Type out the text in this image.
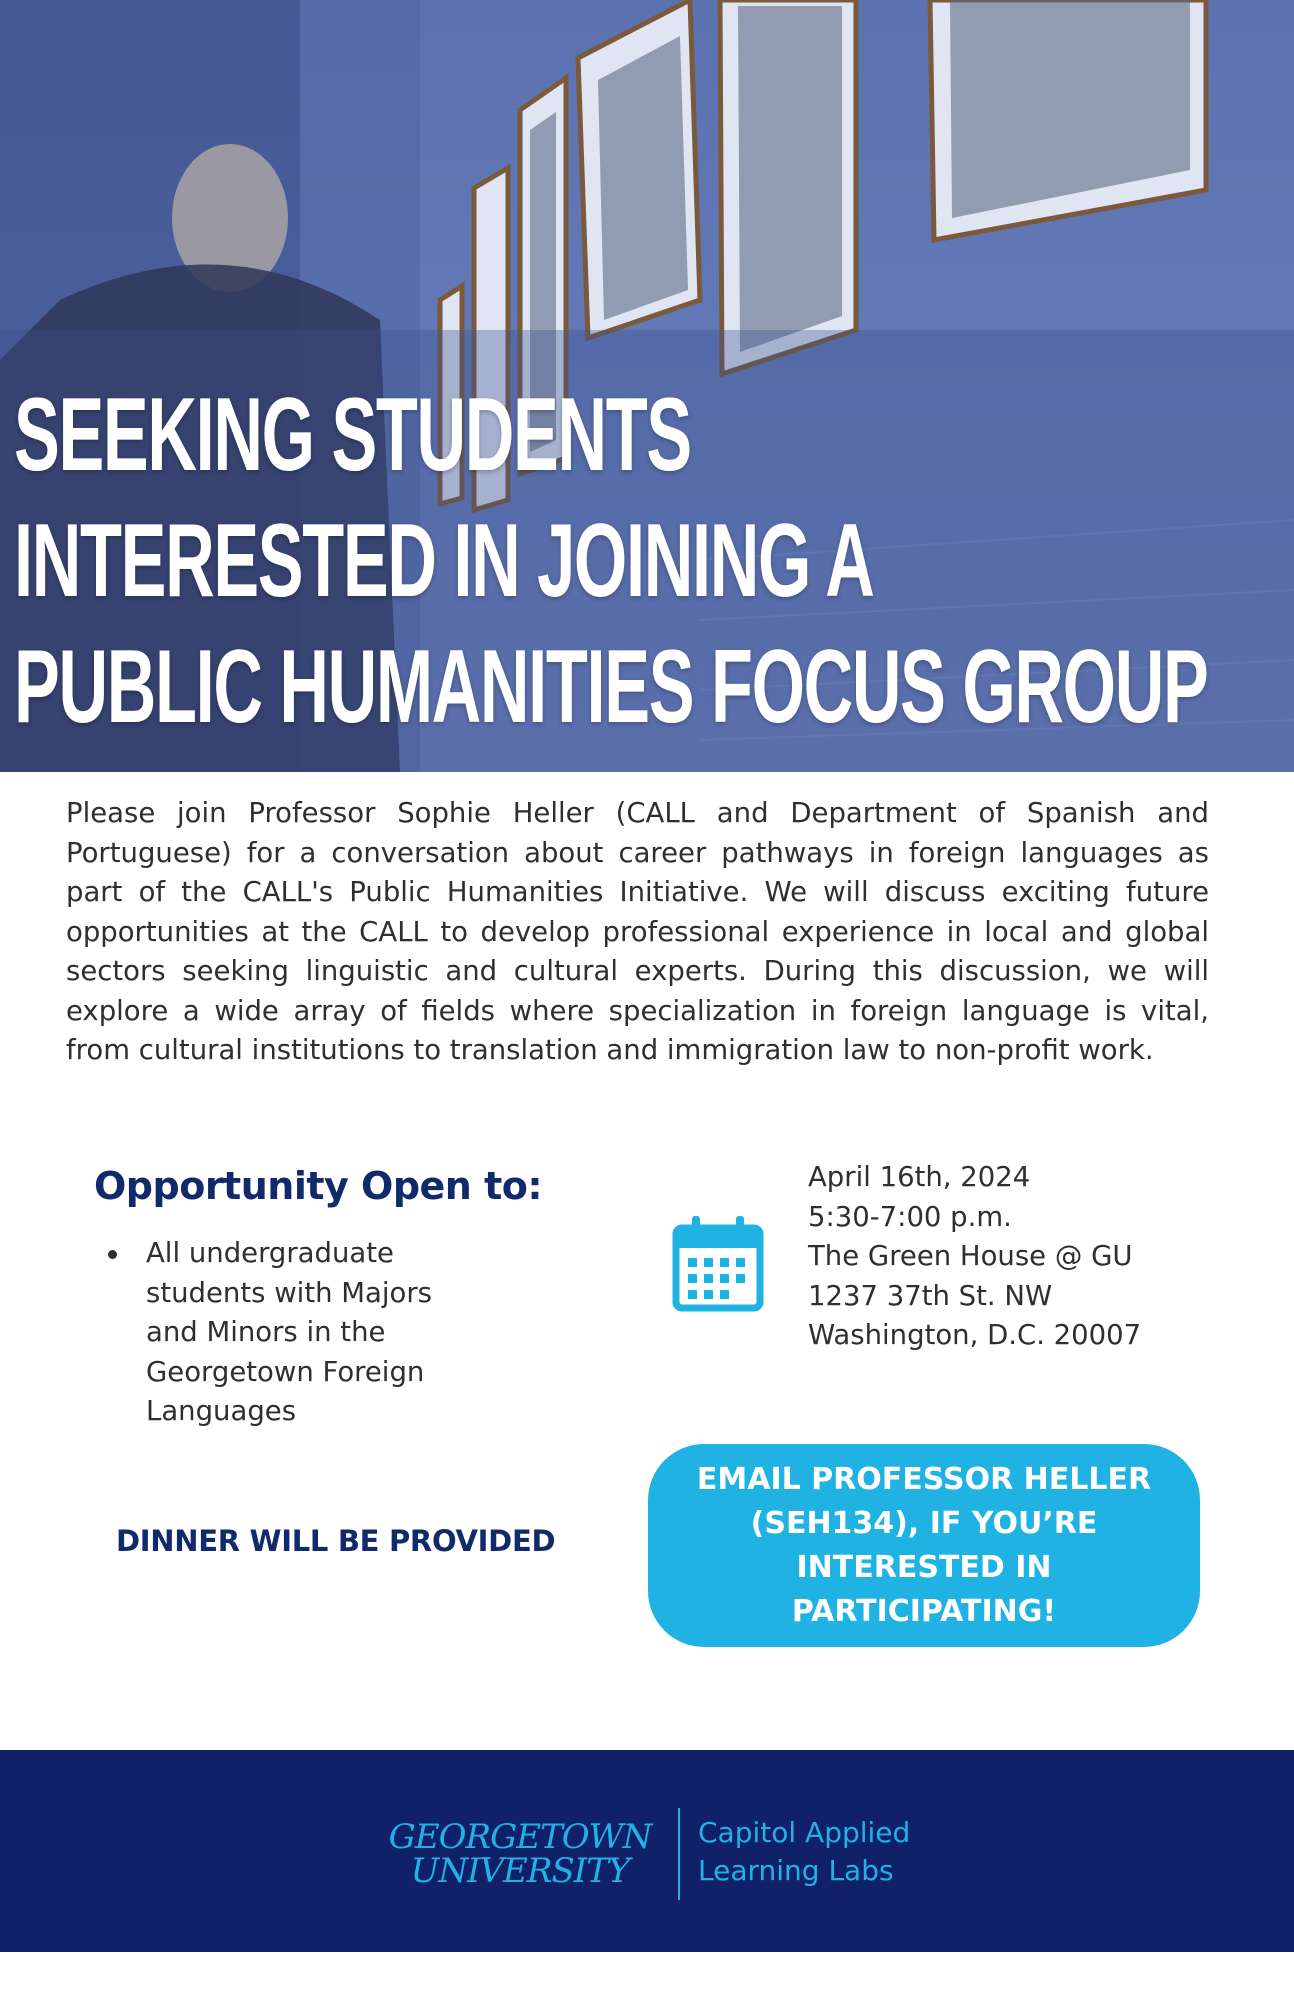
SEEKING STUDENTS
INTERESTED IN JOINING A
PUBLIC HUMANITIES FOCUS GROUP

Please join Professor Sophie Heller (CALL and Department of Spanish and Portuguese) for a conversation about career pathways in foreign languages as part of the CALL's Public Humanities Initiative. We will discuss exciting future opportunities at the CALL to develop professional experience in local and global sectors seeking linguistic and cultural experts. During this discussion, we will explore a wide array of fields where specialization in foreign language is vital, from cultural institutions to translation and immigration law to non-profit work.

Opportunity Open to:
All undergraduate students with Majors and Minors in the Georgetown Foreign Languages
April 16th, 2024
5:30-7:00 p.m.
The Green House @ GU
1237 37th St. NW
Washington, D.C. 20007

DINNER WILL BE PROVIDED

EMAIL PROFESSOR HELLER (SEH134), IF YOU’RE INTERESTED IN PARTICIPATING!
GEORGETOWN
UNIVERSITY

Capitol Applied
Learning Labs
